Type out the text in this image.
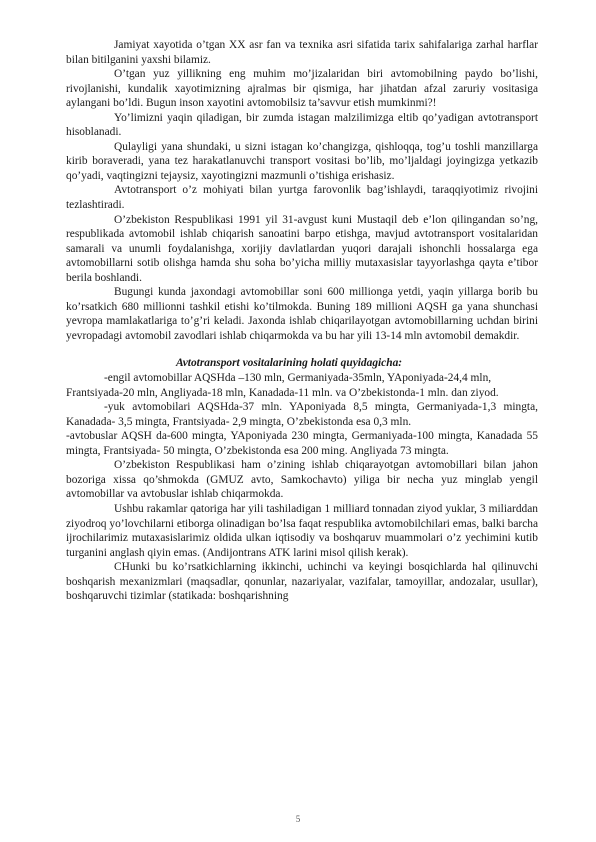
Jamiyat xayotida o’tgan XX asr fan va texnika asri sifatida tarix sahifalariga zarhal harflar bilan bitilganini yaxshi bilamiz.

O’tgan yuz yillikning eng muhim mo’jizalaridan biri avtomobilning paydo bo’lishi, rivojlanishi, kundalik xayotimizning ajralmas bir qismiga, har jihatdan afzal zaruriy vositasiga aylangani bo’ldi. Bugun inson xayotini avtomobilsiz ta’savvur etish mumkinmi?!

Yo’limizni yaqin qiladigan, bir zumda istagan malzilimizga eltib qo’yadigan avtotransport hisoblanadi.

Qulayligi yana shundaki, u sizni istagan ko’changizga, qishloqqa, tog’u toshli manzillarga kirib boraveradi, yana tez harakatlanuvchi transport vositasi bo’lib, mo’ljaldagi joyingizga yetkazib qo’yadi, vaqtingizni tejaysiz, xayotingizni mazmunli o’tishiga erishasiz.

Avtotransport o’z mohiyati bilan yurtga farovonlik bag’ishlaydi, taraqqiyotimiz rivojini tezlashtiradi.

O’zbekiston Respublikasi 1991 yil 31-avgust kuni Mustaqil deb e’lon qilingandan so’ng, respublikada avtomobil ishlab chiqarish sanoatini barpo etishga, mavjud avtotransport vositalaridan samarali va unumli foydalanishga, xorijiy davlatlardan yuqori darajali ishonchli hossalarga ega avtomobillarni sotib olishga hamda shu soha bo’yicha milliy mutaxasislar tayyorlashga qayta e’tibor berila boshlandi.

Bugungi kunda jaxondagi avtomobillar soni 600 millionga yetdi, yaqin yillarga borib bu ko’rsatkich 680 millionni tashkil etishi ko’tilmokda. Buning 189 millioni AQSH ga yana shunchasi yevropa mamlakatlariga to’g’ri keladi. Jaxonda ishlab chiqarilayotgan avtomobillarning uchdan birini yevropadagi avtomobil zavodlari ishlab chiqarmokda va bu har yili 13-14 mln avtomobil demakdir.

Avtotransport vositalarining holati quyidagicha:

-engil avtomobillar AQSHda –130 mln, Germaniyada-35mln, YAponiyada-24,4 mln, Frantsiyada-20 mln, Angliyada-18 mln, Kanadada-11 mln. va O’zbekistonda-1 mln. dan ziyod.

-yuk avtomobilari AQSHda-37 mln. YAponiyada 8,5 mingta, Germaniyada-1,3 mingta, Kanadada- 3,5 mingta, Frantsiyada- 2,9 mingta, O’zbekistonda esa 0,3 mln.

-avtobuslar AQSH da-600 mingta, YAponiyada 230 mingta, Germaniyada-100 mingta, Kanadada 55 mingta, Frantsiyada- 50 mingta, O’zbekistonda esa 200 ming. Angliyada 73 mingta.

O’zbekiston Respublikasi ham o’zining ishlab chiqarayotgan avtomobillari bilan jahon bozoriga xissa qo’shmokda (GMUZ avto, Samkochavto) yiliga bir necha yuz minglab yengil avtomobillar va avtobuslar ishlab chiqarmokda.

Ushbu rakamlar qatoriga har yili tashiladigan 1 milliard tonnadan ziyod yuklar, 3 miliarddan ziyodroq yo’lovchilarni etiborga olinadigan bo’lsa faqat respublika avtomobilchilari emas, balki barcha ijrochilarimiz mutaxasislarimiz oldida ulkan iqtisodiy va boshqaruv muammolari o’z yechimini kutib turganini anglash qiyin emas. (Andijontrans ATK larini misol qilish kerak).

CHunki bu ko’rsatkichlarning ikkinchi, uchinchi va keyingi bosqichlarda hal qilinuvchi boshqarish mexanizmlari (maqsadlar, qonunlar, nazariyalar, vazifalar, tamoyillar, andozalar, usullar), boshqaruvchi tizimlar (statikada: boshqarishning

5
